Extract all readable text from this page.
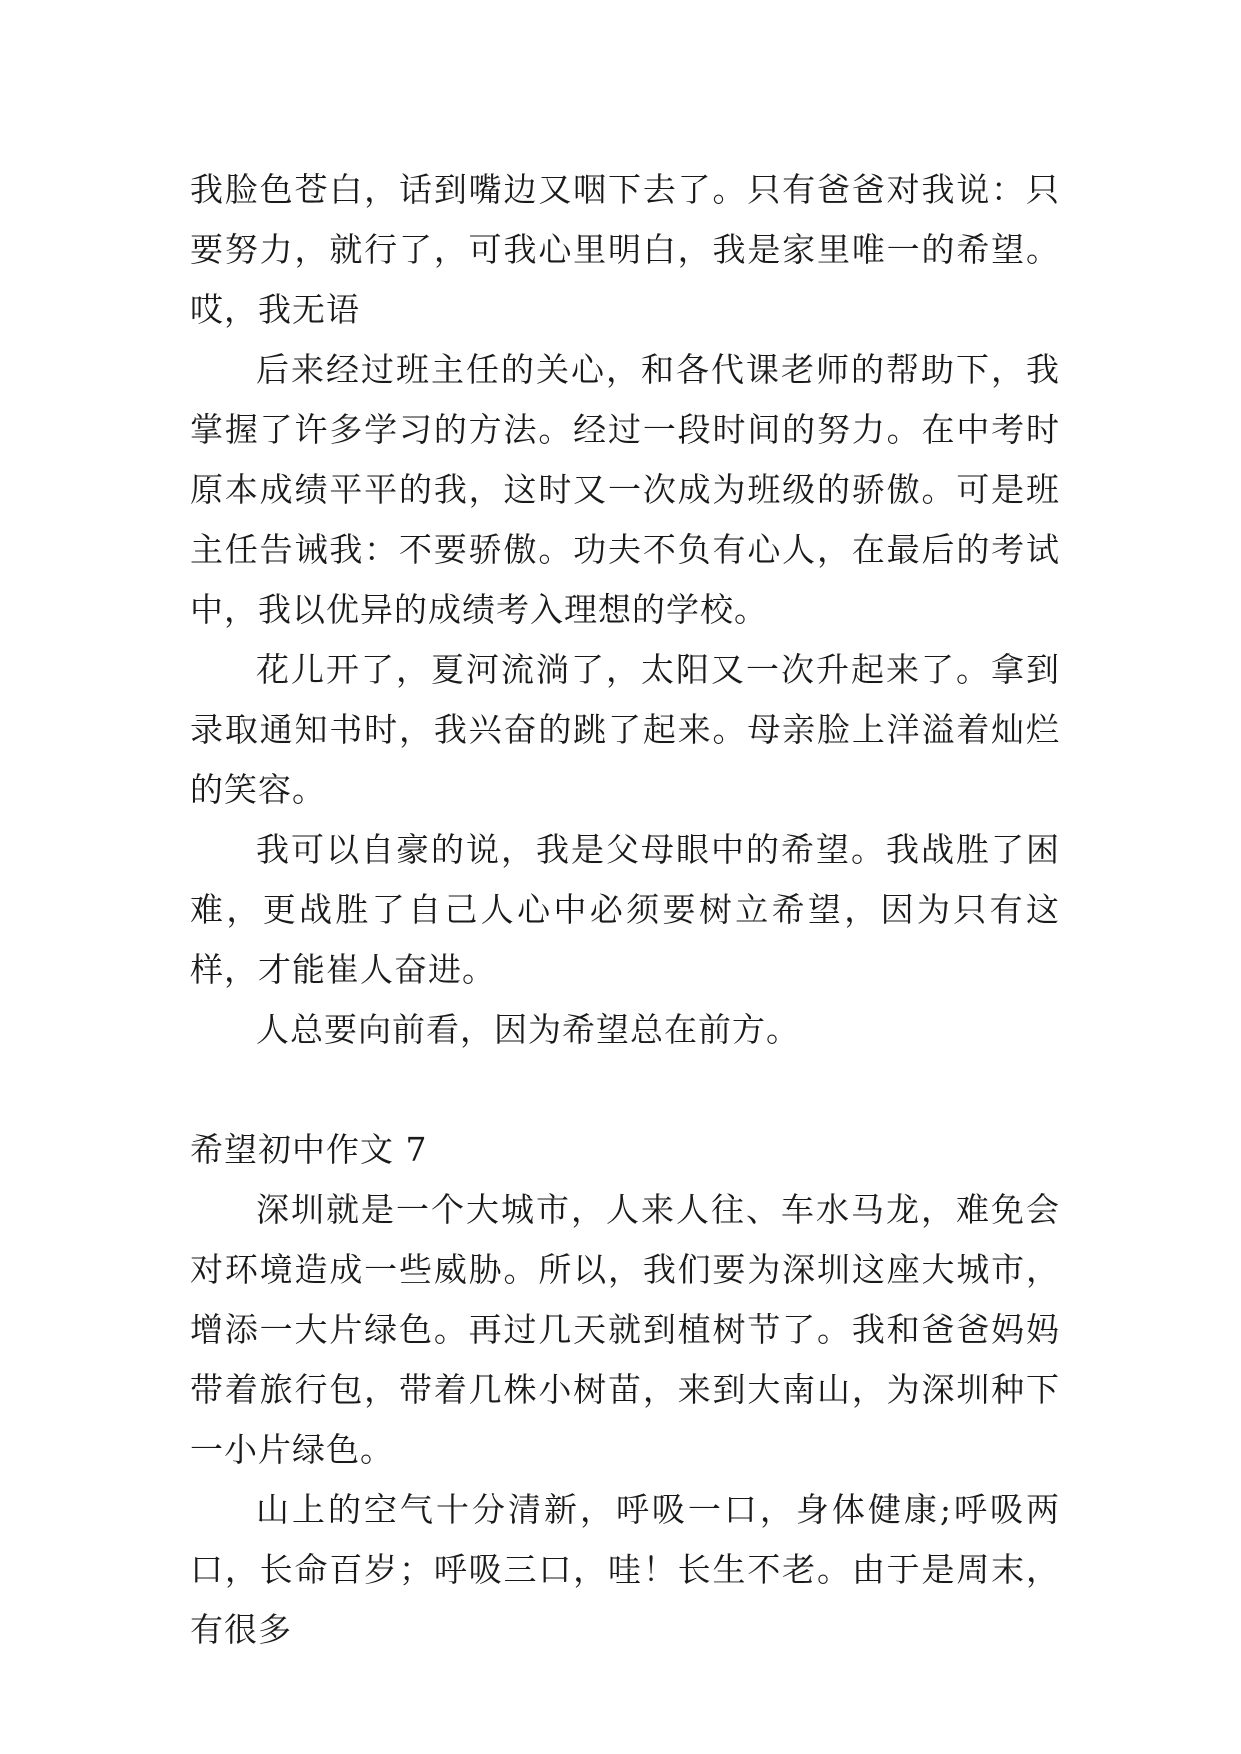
我脸色苍白，话到嘴边又咽下去了。只有爸爸对我说：只要努力，就行了，可我心里明白，我是家里唯一的希望。哎，我无语

后来经过班主任的关心，和各代课老师的帮助下，我掌握了许多学习的方法。经过一段时间的努力。在中考时原本成绩平平的我，这时又一次成为班级的骄傲。可是班主任告诫我：不要骄傲。功夫不负有心人，在最后的考试中，我以优异的成绩考入理想的学校。

花儿开了，夏河流淌了，太阳又一次升起来了。拿到录取通知书时，我兴奋的跳了起来。母亲脸上洋溢着灿烂的笑容。

我可以自豪的说，我是父母眼中的希望。我战胜了困难，更战胜了自己人心中必须要树立希望，因为只有这样，才能崔人奋进。

人总要向前看，因为希望总在前方。

希望初中作文 7

深圳就是一个大城市，人来人往、车水马龙，难免会对环境造成一些威胁。所以，我们要为深圳这座大城市，增添一大片绿色。再过几天就到植树节了。我和爸爸妈妈带着旅行包，带着几株小树苗，来到大南山，为深圳种下一小片绿色。

山上的空气十分清新，呼吸一口，身体健康;呼吸两口，长命百岁；呼吸三口，哇！长生不老。由于是周末，有很多
